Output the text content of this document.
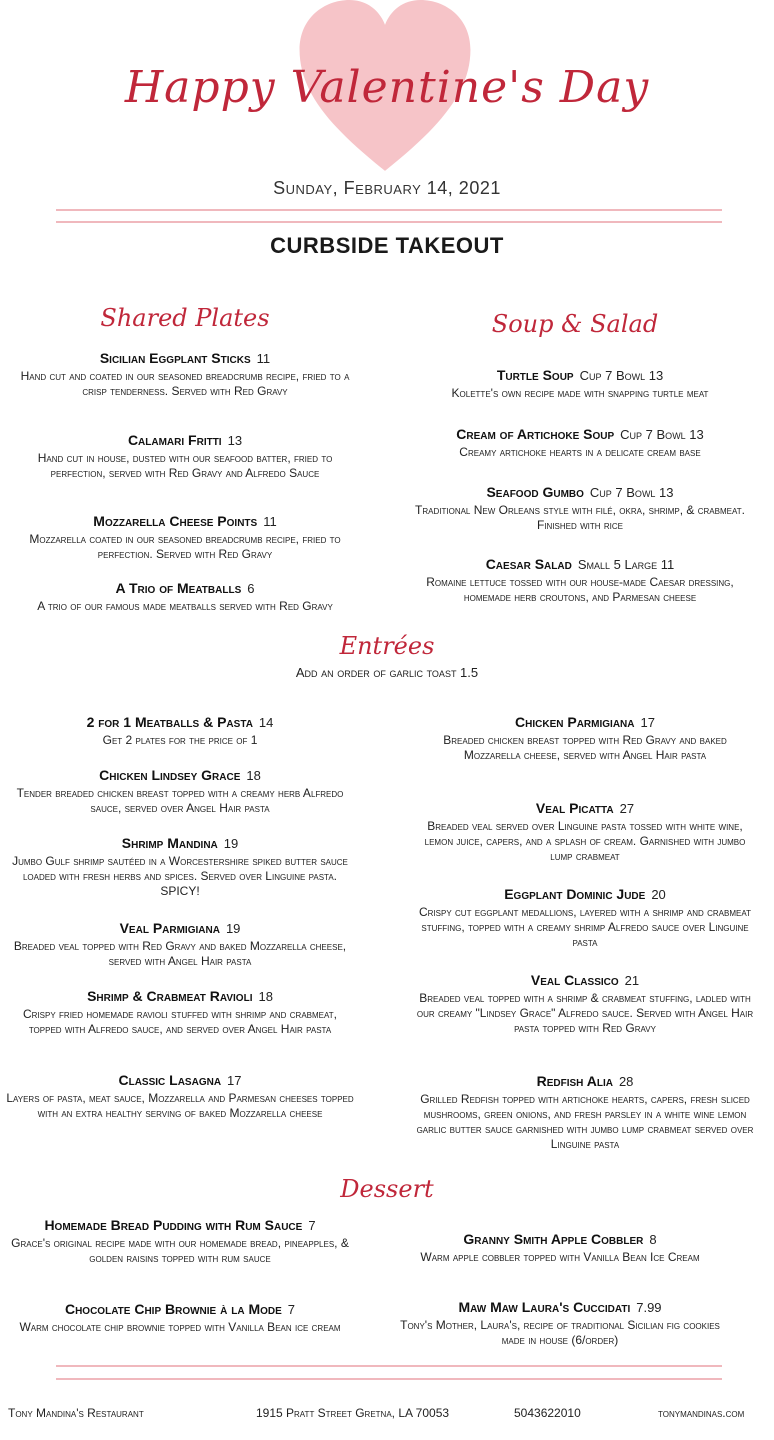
Happy Valentine's Day
Sunday, February 14, 2021
CURBSIDE TAKEOUT
Shared Plates	Soup & Salad
Sicilian Eggplant Sticks 11
Hand cut and coated in our seasoned breadcrumb recipe, fried to a crisp tenderness. Served with Red Gravy
Calamari Fritti 13
Hand cut in house, dusted with our seafood batter, fried to perfection, served with Red Gravy and Alfredo Sauce
Mozzarella Cheese Points 11
Mozzarella coated in our seasoned breadcrumb recipe, fried to perfection. Served with Red Gravy
A Trio of Meatballs 6
A trio of our famous made meatballs served with Red Gravy
Turtle Soup Cup 7 Bowl 13
Kolette's own recipe made with snapping turtle meat
Cream of Artichoke Soup Cup 7 Bowl 13
Creamy artichoke hearts in a delicate cream base
Seafood Gumbo Cup 7 Bowl 13
Traditional New Orleans style with filé, okra, shrimp, & crabmeat. Finished with rice
Caesar Salad Small 5 Large 11
Romaine lettuce tossed with our house-made Caesar dressing, homemade herb croutons, and Parmesan cheese
Entrées
Add an order of garlic toast 1.5
2 for 1 Meatballs & Pasta 14
Get 2 plates for the price of 1
Chicken Lindsey Grace 18
Tender breaded chicken breast topped with a creamy herb Alfredo sauce, served over Angel Hair pasta
Shrimp Mandina 19
Jumbo Gulf shrimp sautéed in a Worcestershire spiked butter sauce loaded with fresh herbs and spices. Served over Linguine pasta. SPICY!
Veal Parmigiana 19
Breaded veal topped with Red Gravy and baked Mozzarella cheese, served with Angel Hair pasta
Shrimp & Crabmeat Ravioli 18
Crispy fried homemade ravioli stuffed with shrimp and crabmeat, topped with Alfredo sauce, and served over Angel Hair pasta
Classic Lasagna 17
Layers of pasta, meat sauce, Mozzarella and Parmesan cheeses topped with an extra healthy serving of baked Mozzarella cheese
Chicken Parmigiana 17
Breaded chicken breast topped with Red Gravy and baked Mozzarella cheese, served with Angel Hair pasta
Veal Picatta 27
Breaded veal served over Linguine pasta tossed with white wine, lemon juice, capers, and a splash of cream. Garnished with jumbo lump crabmeat
Eggplant Dominic Jude 20
Crispy cut eggplant medallions, layered with a shrimp and crabmeat stuffing, topped with a creamy shrimp Alfredo sauce over Linguine pasta
Veal Classico 21
Breaded veal topped with a shrimp & crabmeat stuffing, ladled with our creamy "Lindsey Grace" Alfredo sauce. Served with Angel Hair pasta topped with Red Gravy
Redfish Alia 28
Grilled Redfish topped with artichoke hearts, capers, fresh sliced mushrooms, green onions, and fresh parsley in a white wine lemon garlic butter sauce garnished with jumbo lump crabmeat served over Linguine pasta
Dessert
Homemade Bread Pudding with Rum Sauce 7
Grace's original recipe made with our homemade bread, pineapples, & golden raisins topped with rum sauce
Chocolate Chip Brownie à la Mode 7
Warm chocolate chip brownie topped with Vanilla Bean ice cream
Granny Smith Apple Cobbler 8
Warm apple cobbler topped with Vanilla Bean Ice Cream
Maw Maw Laura's Cuccidati 7.99
Tony's Mother, Laura's, recipe of traditional Sicilian fig cookies made in house (6/order)
Tony Mandina's Restaurant	1915 Pratt Street Gretna, LA 70053	5043622010	tonymandinas.com
